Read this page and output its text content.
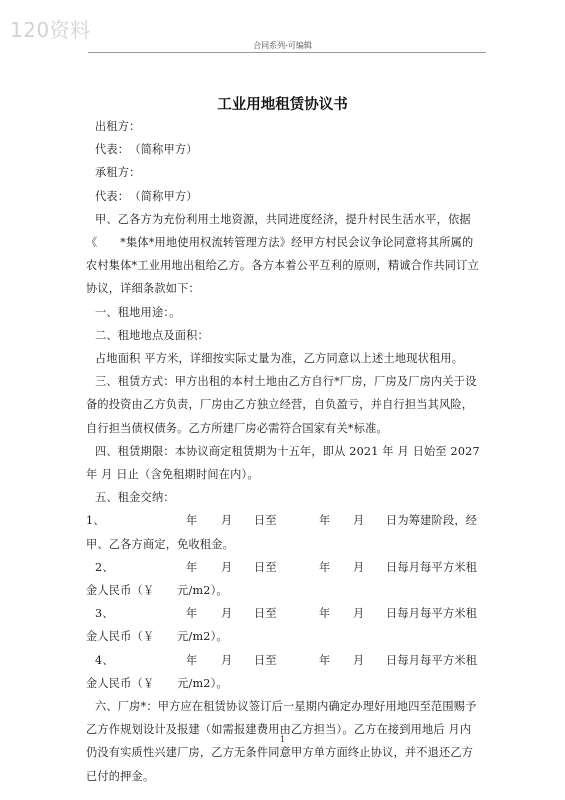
120资料
合同系列-可编辑
工业用地租赁协议书

出租方：

代表：　（简称甲方）

承租方：

代表：　（简称甲方）

甲、乙各方为充份利用土地资源，共同进度经济，提升村民生活水平，依据

《　　*集体*用地使用权流转管理方法》经甲方村民会议争论同意将其所属的

农村集体*工业用地出租给乙方。各方本着公平互利的原则，精诚合作共同订立

协议，详细条款如下：

一、租地用途：。

二、租地地点及面积：

占地面积 平方米，详细按实际丈量为准，乙方同意以上述土地现状租用。

三、租赁方式：甲方出租的本村土地由乙方自行*厂房，厂房及厂房内关于设

备的投资由乙方负责，厂房由乙方独立经营，自负盈亏，并自行担当其风险，

自行担当债权债务。乙方所建厂房必需符合国家有关*标准。

四、租赁期限：本协议商定租赁期为十五年，即从 2021 年 月 日始至 2027

年 月 日止（含免租期时间在内）。

五、租金交纳：

1、	年 月 日至	年 月 日为筹建阶段，经

甲、乙各方商定，免收租金。

2、	年 月 日至	年 月 日每月每平方米租

金人民币（￥　　元/m2）。

3、	年 月 日至	年 月 日每月每平方米租

金人民币（￥　　元/m2）。

4、	年 月 日至	年 月 日每月每平方米租

金人民币（￥　　元/m2）。

六、厂房*：甲方应在租赁协议签订后一星期内确定办理好用地四至范围赐予

乙方作规划设计及报建（如需报建费用由乙方担当）。乙方在接到用地后 月内

仍没有实质性兴建厂房，乙方无条件同意甲方单方面终止协议，并不退还乙方

已付的押金。

1
